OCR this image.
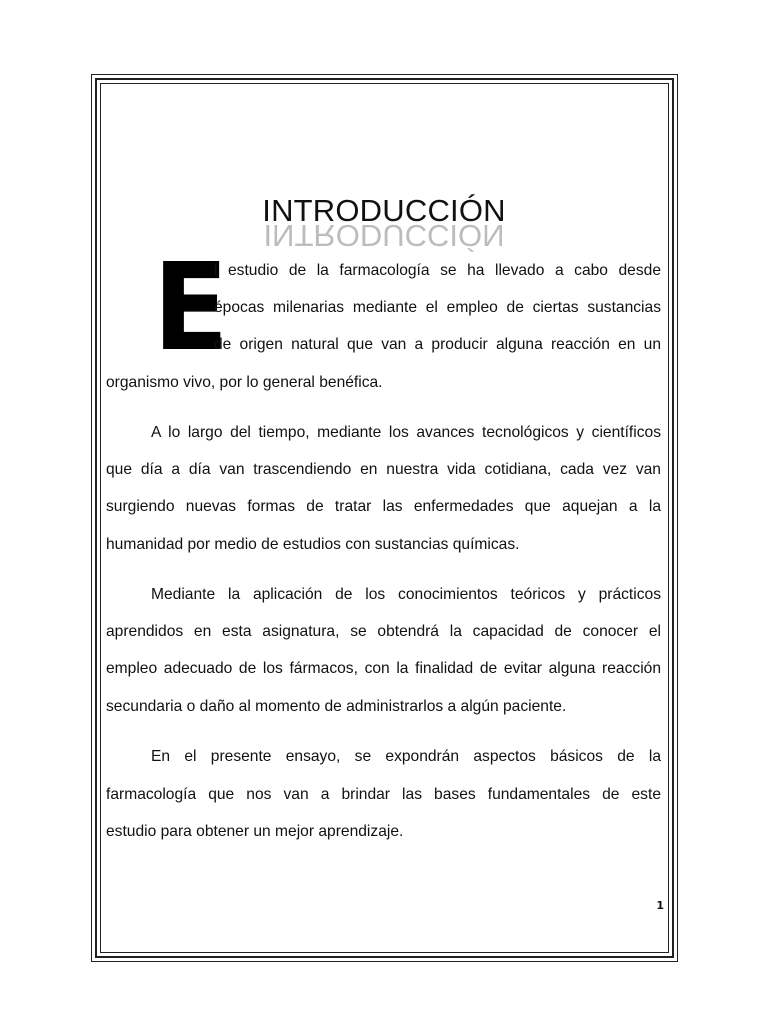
INTRODUCCIÓN
INTRODUCCIÓN
E
l estudio de la farmacología se ha llevado a cabo desde
épocas milenarias mediante el empleo de ciertas sustancias
de origen natural que van a producir alguna reacción en un
organismo vivo, por lo general benéfica.
A lo largo del tiempo, mediante los avances tecnológicos y científicos
que día a día van trascendiendo en nuestra vida cotidiana, cada vez van
surgiendo nuevas formas de tratar las enfermedades que aquejan a la
humanidad por medio de estudios con sustancias químicas.
Mediante la aplicación de los conocimientos teóricos y prácticos
aprendidos en esta asignatura, se obtendrá la capacidad de conocer el
empleo adecuado de los fármacos, con la finalidad de evitar alguna reacción
secundaria o daño al momento de administrarlos a algún paciente.
En el presente ensayo, se expondrán aspectos básicos de la
farmacología que nos van a brindar las bases fundamentales de este
estudio para obtener un mejor aprendizaje.
1
